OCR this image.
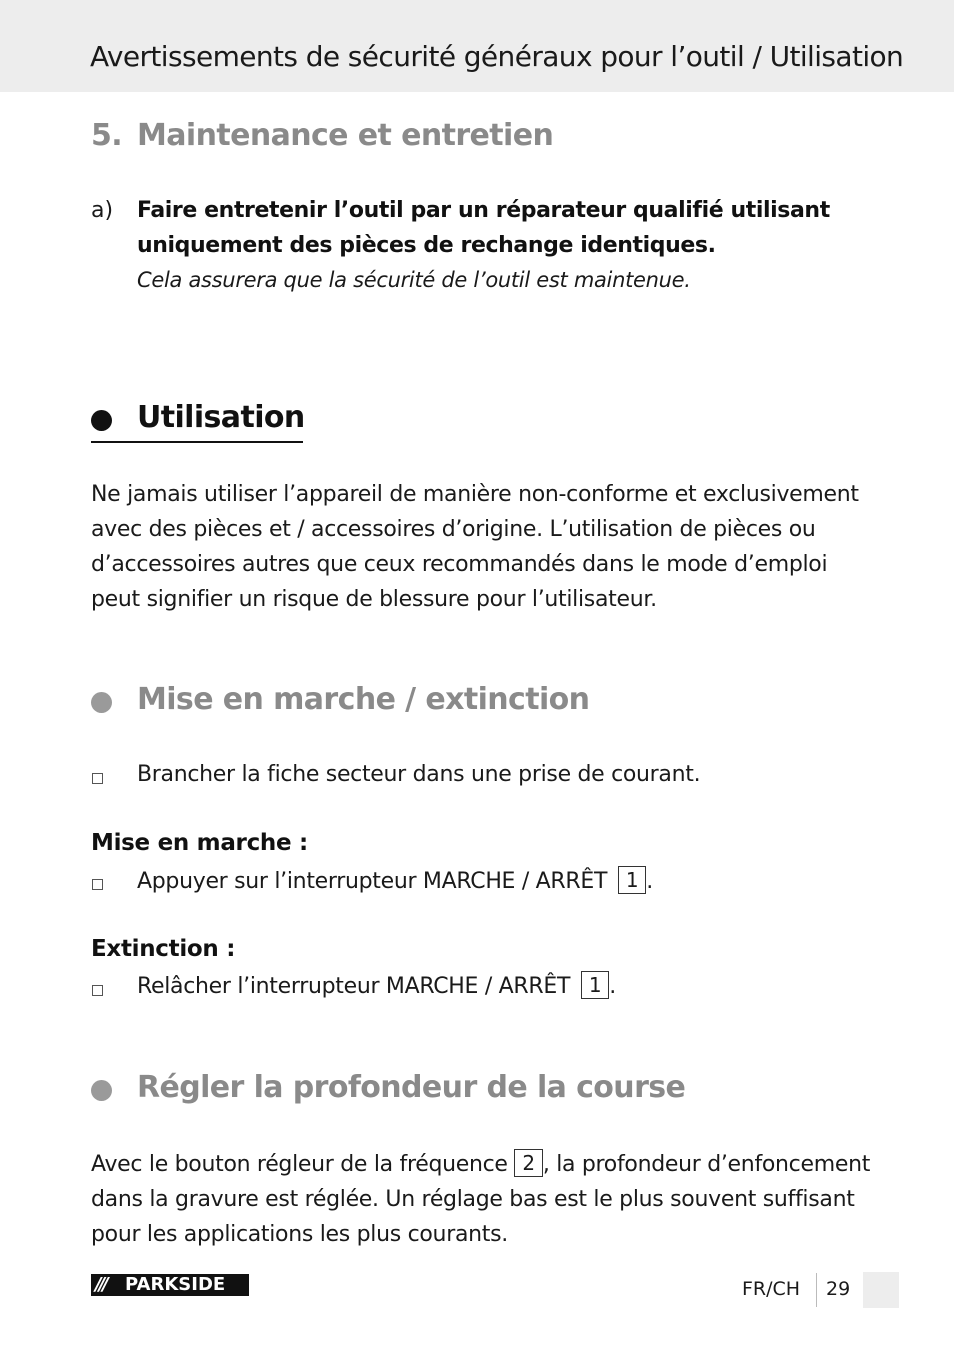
Avertissements de sécurité généraux pour l’outil / Utilisation
5. Maintenance et entretien
a) Faire entretenir l’outil par un réparateur qualifié utilisant uniquement des pièces de rechange identiques.
Cela assurera que la sécurité de l’outil est maintenue.
Utilisation
Ne jamais utiliser l’appareil de manière non-conforme et exclusivement avec des pièces et / accessoires d’origine. L’utilisation de pièces ou d’accessoires autres que ceux recommandés dans le mode d’emploi peut signifier un risque de blessure pour l’utilisateur.
Mise en marche / extinction
Brancher la fiche secteur dans une prise de courant.
Mise en marche :
Appuyer sur l’interrupteur MARCHE / ARRÊT 1 .
Extinction :
Relâcher l’interrupteur MARCHE / ARRÊT 1 .
Régler la profondeur de la course
Avec le bouton régleur de la fréquence 2 , la profondeur d’enfoncement dans la gravure est réglée. Un réglage bas est le plus souvent suffisant pour les applications les plus courants.
/// PARKSIDE	FR/CH 29
